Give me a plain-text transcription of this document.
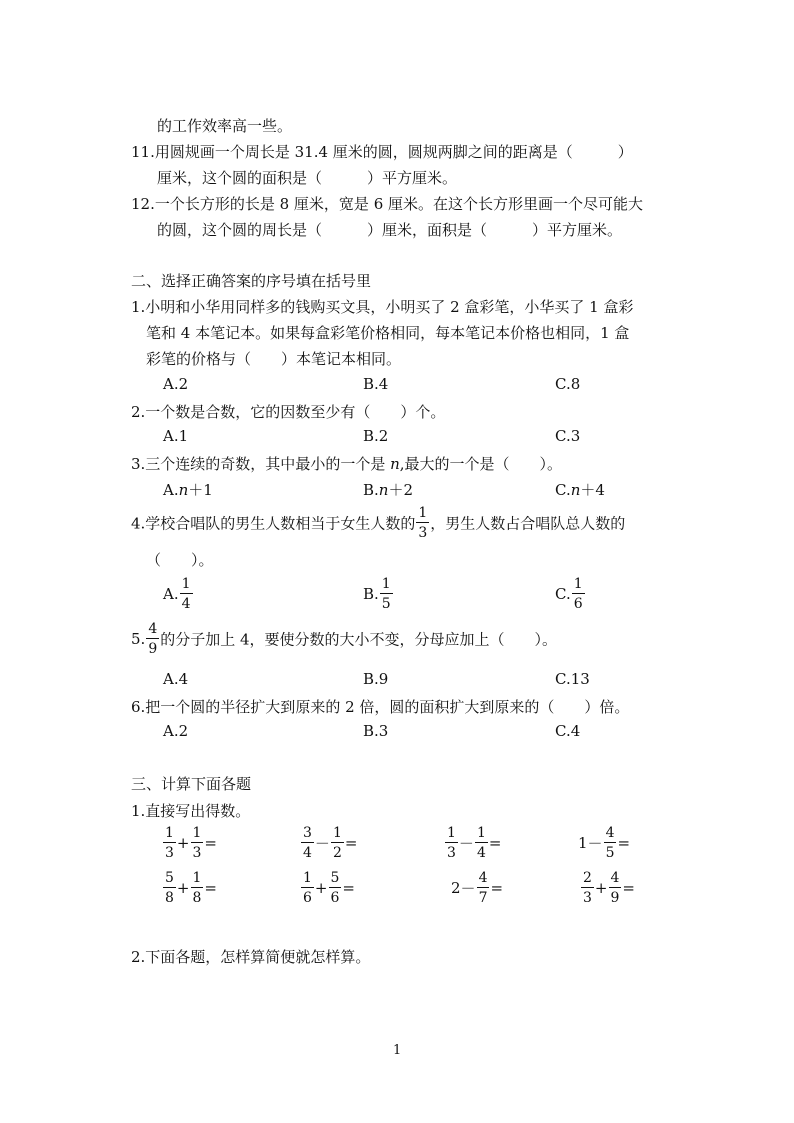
的工作效率高一些。
11.用圆规画一个周长是 31.4 厘米的圆，圆规两脚之间的距离是（　　　）
厘米，这个圆的面积是（　　　）平方厘米。
12.一个长方形的长是 8 厘米，宽是 6 厘米。在这个长方形里画一个尽可能大
的圆，这个圆的周长是（　　　）厘米，面积是（　　　）平方厘米。
二、选择正确答案的序号填在括号里
1.小明和小华用同样多的钱购买文具，小明买了 2 盒彩笔，小华买了 1 盒彩
笔和 4 本笔记本。如果每盒彩笔价格相同，每本笔记本价格也相同，1 盒
彩笔的价格与（　　）本笔记本相同。
A.2	B.4	C.8
2.一个数是合数，它的因数至少有（　　）个。
A.1	B.2	C.3
3.三个连续的奇数，其中最小的一个是 n,最大的一个是（　　）。
A.n＋1	B.n＋2	C.n＋4
4.学校合唱队的男生人数相当于女生人数的 $\frac{1}{3}$ ，男生人数占合唱队总人数的
（　　）。
A. $\frac{1}{4}$	B. $\frac{1}{5}$	C. $\frac{1}{6}$
5. $\frac{4}{9}$ 的分子加上 4，要使分数的大小不变，分母应加上（　　）。
A.4	B.9	C.13
6.把一个圆的半径扩大到原来的 2 倍，圆的面积扩大到原来的（　　）倍。
A.2	B.3	C.4
三、计算下面各题
1.直接写出得数。
$\frac{1}{3} + \frac{1}{3}$ =	$\frac{3}{4} - \frac{1}{2}$ =	$\frac{1}{3} - \frac{1}{4}$ =	$1- \frac{4}{5}$ =
$\frac{5}{8} + \frac{1}{8}$ =	$\frac{1}{6} + \frac{5}{6}$ =	$2- \frac{4}{7}$ =	$\frac{2}{3} + \frac{4}{9}$ =
2.下面各题，怎样算简便就怎样算。
1
